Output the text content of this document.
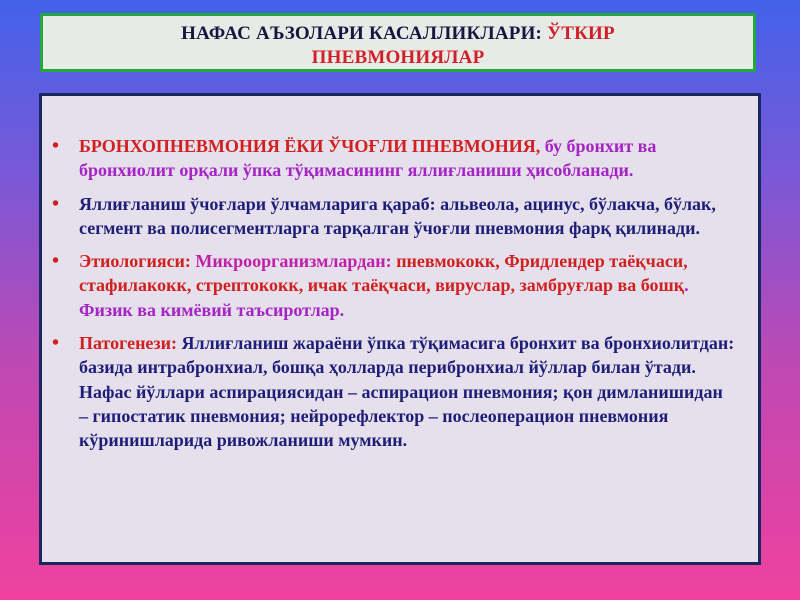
НАФАС АЪЗОЛАРИ КАСАЛЛИКЛАРИ: ЎТКИР
ПНЕВМОНИЯЛАР
• БРОНХОПНЕВМОНИЯ ЁКИ ЎЧОҒЛИ ПНЕВМОНИЯ, бу бронхит ва бронхиолит орқали ўпка тўқимасининг яллиғланиши ҳисобланади.
• Яллиғланиш ўчоғлари ўлчамларига қараб: альвеола, ацинус, бўлакча, бўлак, сегмент ва полисегментларга тарқалган ўчоғли пневмония фарқ қилинади.
• Этиологияси: Микроорганизмлардан: пневмококк, Фридлендер таёқчаси, стафилакокк, стрептококк, ичак таёқчаси, вируслар, замбруғлар ва бошқ. Физик ва кимёвий таъсиротлар.
• Патогенези: Яллиғланиш жараёни ўпка тўқимасига бронхит ва бронхиолитдан: базида интрабронхиал, бошқа ҳолларда перибронхиал йўллар билан ўтади. Нафас йўллари аспирациясидан – аспирацион пневмония; қон димланишидан – гипостатик пневмония; нейрорефлектор – послеоперацион пневмония кўринишларида ривожланиши мумкин.
